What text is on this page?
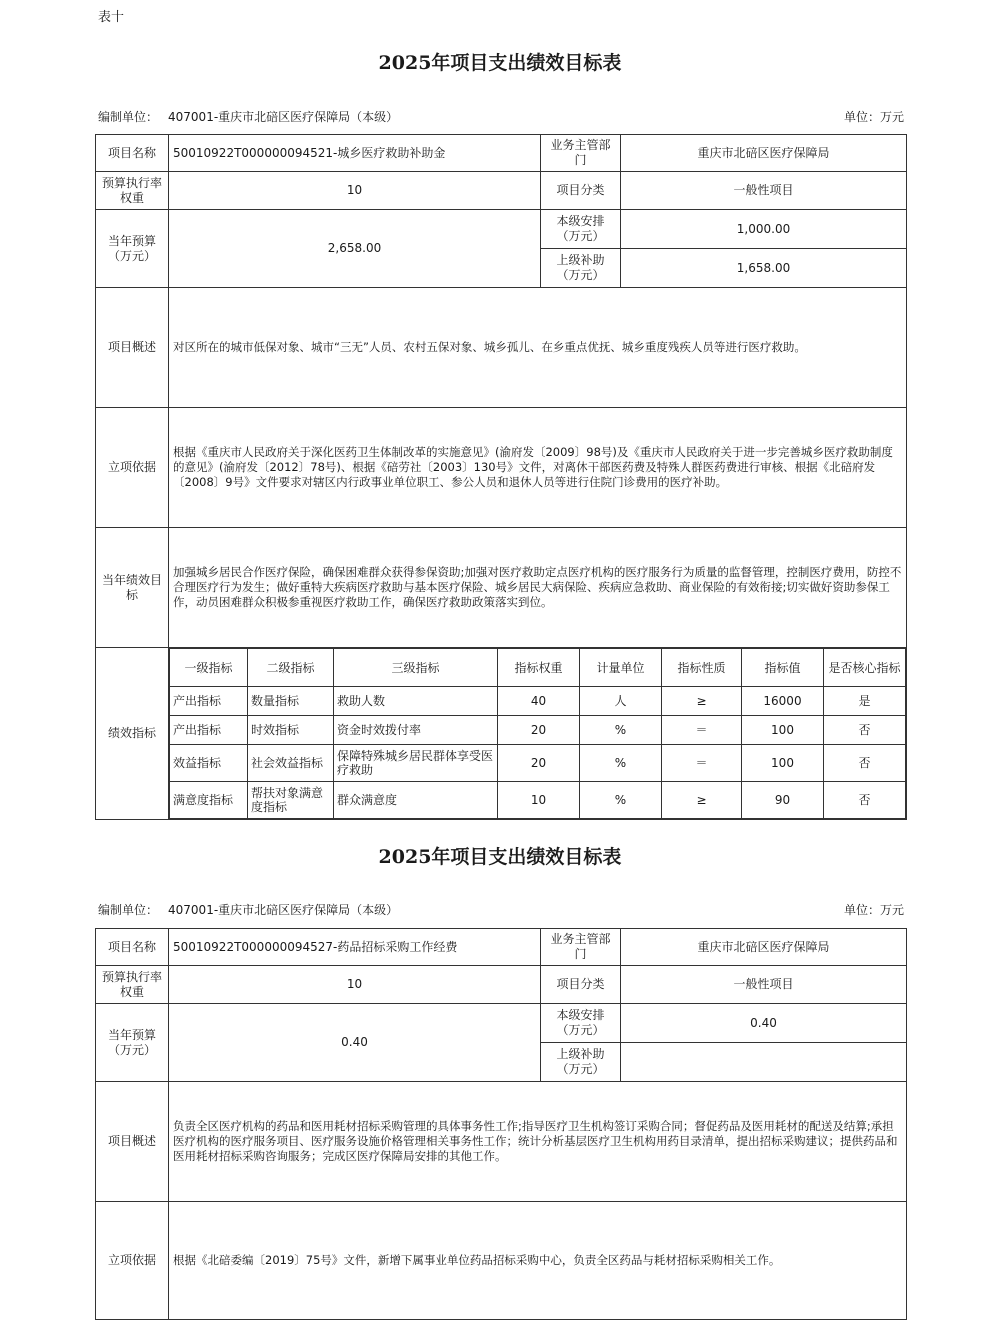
表十
2025年项目支出绩效目标表
编制单位： 407001-重庆市北碚区医疗保障局（本级）	单位：万元
项目名称	50010922T000000094521-城乡医疗救助补助金	业务主管部门	重庆市北碚区医疗保障局
预算执行率权重	10	项目分类	一般性项目
当年预算（万元）	2,658.00	本级安排（万元）	1,000.00
上级补助（万元）	1,658.00
项目概述	对区所在的城市低保对象、城市“三无”人员、农村五保对象、城乡孤儿、在乡重点优抚、城乡重度残疾人员等进行医疗救助。
立项依据	根据《重庆市人民政府关于深化医药卫生体制改革的实施意见》(渝府发〔2009〕98号)及《重庆市人民政府关于进一步完善城乡医疗救助制度的意见》(渝府发〔2012〕78号)、根据《碚劳社〔2003〕130号》文件，对离休干部医药费及特殊人群医药费进行审核、根据《北碚府发〔2008〕9号》文件要求对辖区内行政事业单位职工、参公人员和退休人员等进行住院门诊费用的医疗补助。
当年绩效目标	加强城乡居民合作医疗保险，确保困难群众获得参保资助;加强对医疗救助定点医疗机构的医疗服务行为质量的监督管理，控制医疗费用，防控不合理医疗行为发生；做好重特大疾病医疗救助与基本医疗保险、城乡居民大病保险、疾病应急救助、商业保险的有效衔接;切实做好资助参保工作，动员困难群众积极参重视医疗救助工作，确保医疗救助政策落实到位。
绩效指标	
一级指标	二级指标	三级指标	指标权重	计量单位	指标性质	指标值	是否核心指标
产出指标	数量指标	救助人数	40	人	≥	16000	是
产出指标	时效指标	资金时效拨付率	20	%	＝	100	否
效益指标	社会效益指标	保障特殊城乡居民群体享受医疗救助	20	%	＝	100	否
满意度指标	帮扶对象满意度指标	群众满意度	10	%	≥	90	否
2025年项目支出绩效目标表
编制单位： 407001-重庆市北碚区医疗保障局（本级）	单位：万元
项目名称	50010922T000000094527-药品招标采购工作经费	业务主管部门	重庆市北碚区医疗保障局
预算执行率权重	10	项目分类	一般性项目
当年预算（万元）	0.40	本级安排（万元）	0.40
		上级补助（万元）	
项目概述	负责全区医疗机构的药品和医用耗材招标采购管理的具体事务性工作;指导医疗卫生机构签订采购合同；督促药品及医用耗材的配送及结算;承担医疗机构的医疗服务项目、医疗服务设施价格管理相关事务性工作；统计分析基层医疗卫生机构用药目录清单，提出招标采购建议；提供药品和医用耗材招标采购咨询服务；完成区医疗保障局安排的其他工作。		
立项依据	根据《北碚委编〔2019〕75号》文件，新增下属事业单位药品招标采购中心，负责全区药品与耗材招标采购相关工作。		
